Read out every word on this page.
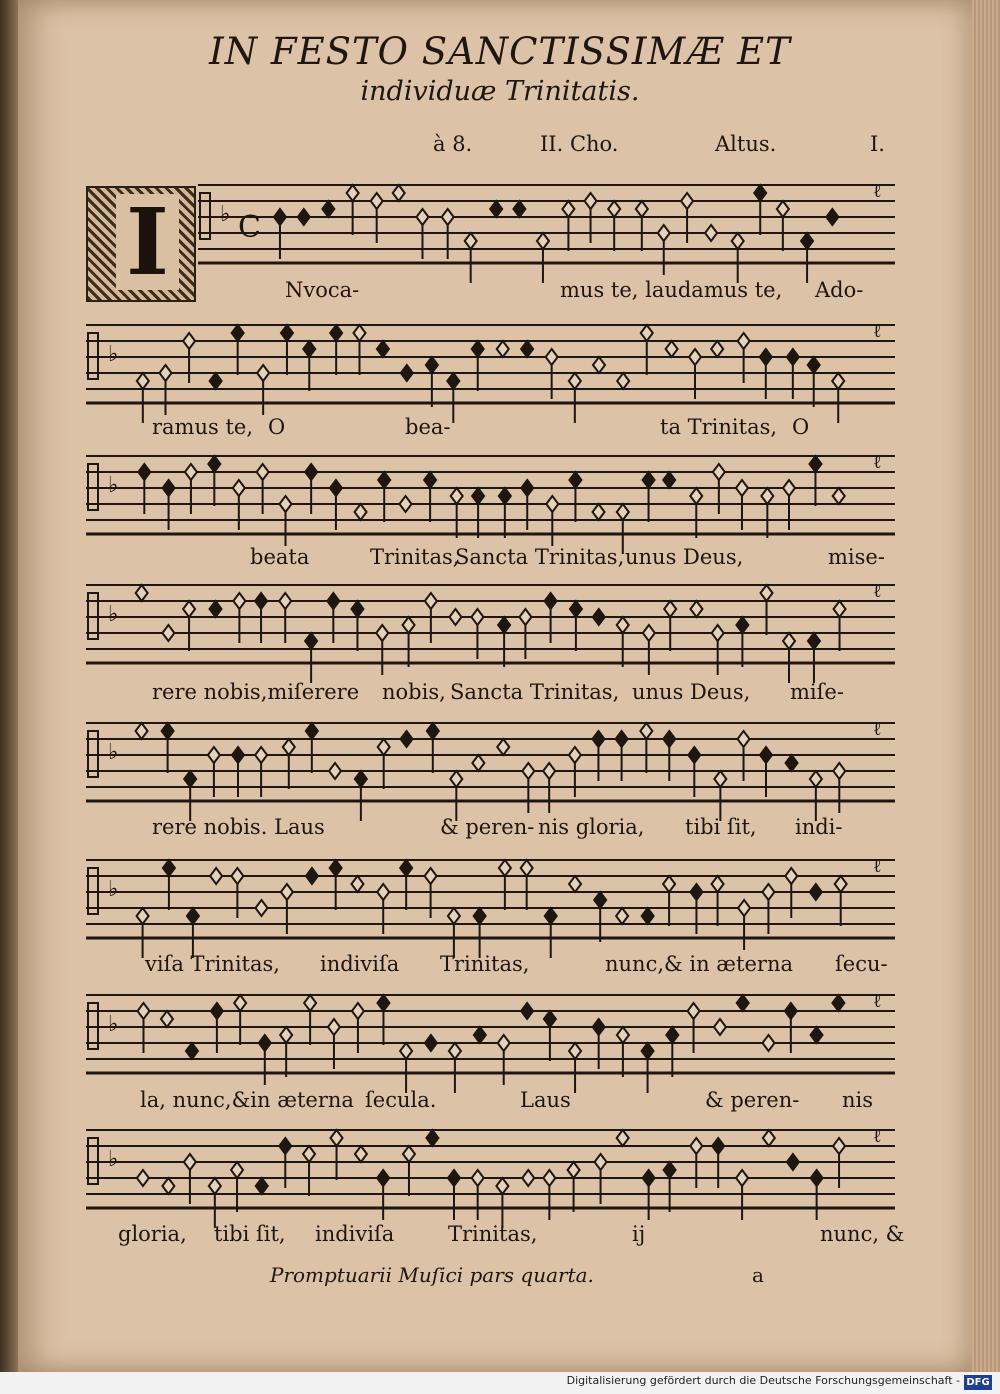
IN FESTO SANCTISSIMÆ ET
individuæ Trinitatis.
à 8.	II. Cho.	Altus.	I.
I	♭ C
ℓ
♭
ℓ
♭
ℓ
♭
ℓ
♭
ℓ
♭
ℓ
♭
ℓ
♭
ℓ
Nvoca-	mus te, laudamus te, Ado-
ramus te, O	bea-	ta Trinitas, O
beata	Trinitas,
Sancta Trinitas, unus Deus,	mise-
rere nobis,miſerere nobis, Sancta Trinitas, unus Deus, miſe-
rere nobis. Laus	& peren- nis gloria, tibi ſit, indi-
viſa Trinitas, indiviſa Trinitas,	nunc,& in æterna ſecu-
la, nunc,&in æterna ſecula.	Laus	& peren- nis
gloria, tibi ſit, indiviſa	Trinitas,	ij	nunc, &
Promptuarii Muſici pars quarta.	a
Digitalisierung gefördert durch die Deutsche Forschungsgemeinschaft - DFG
